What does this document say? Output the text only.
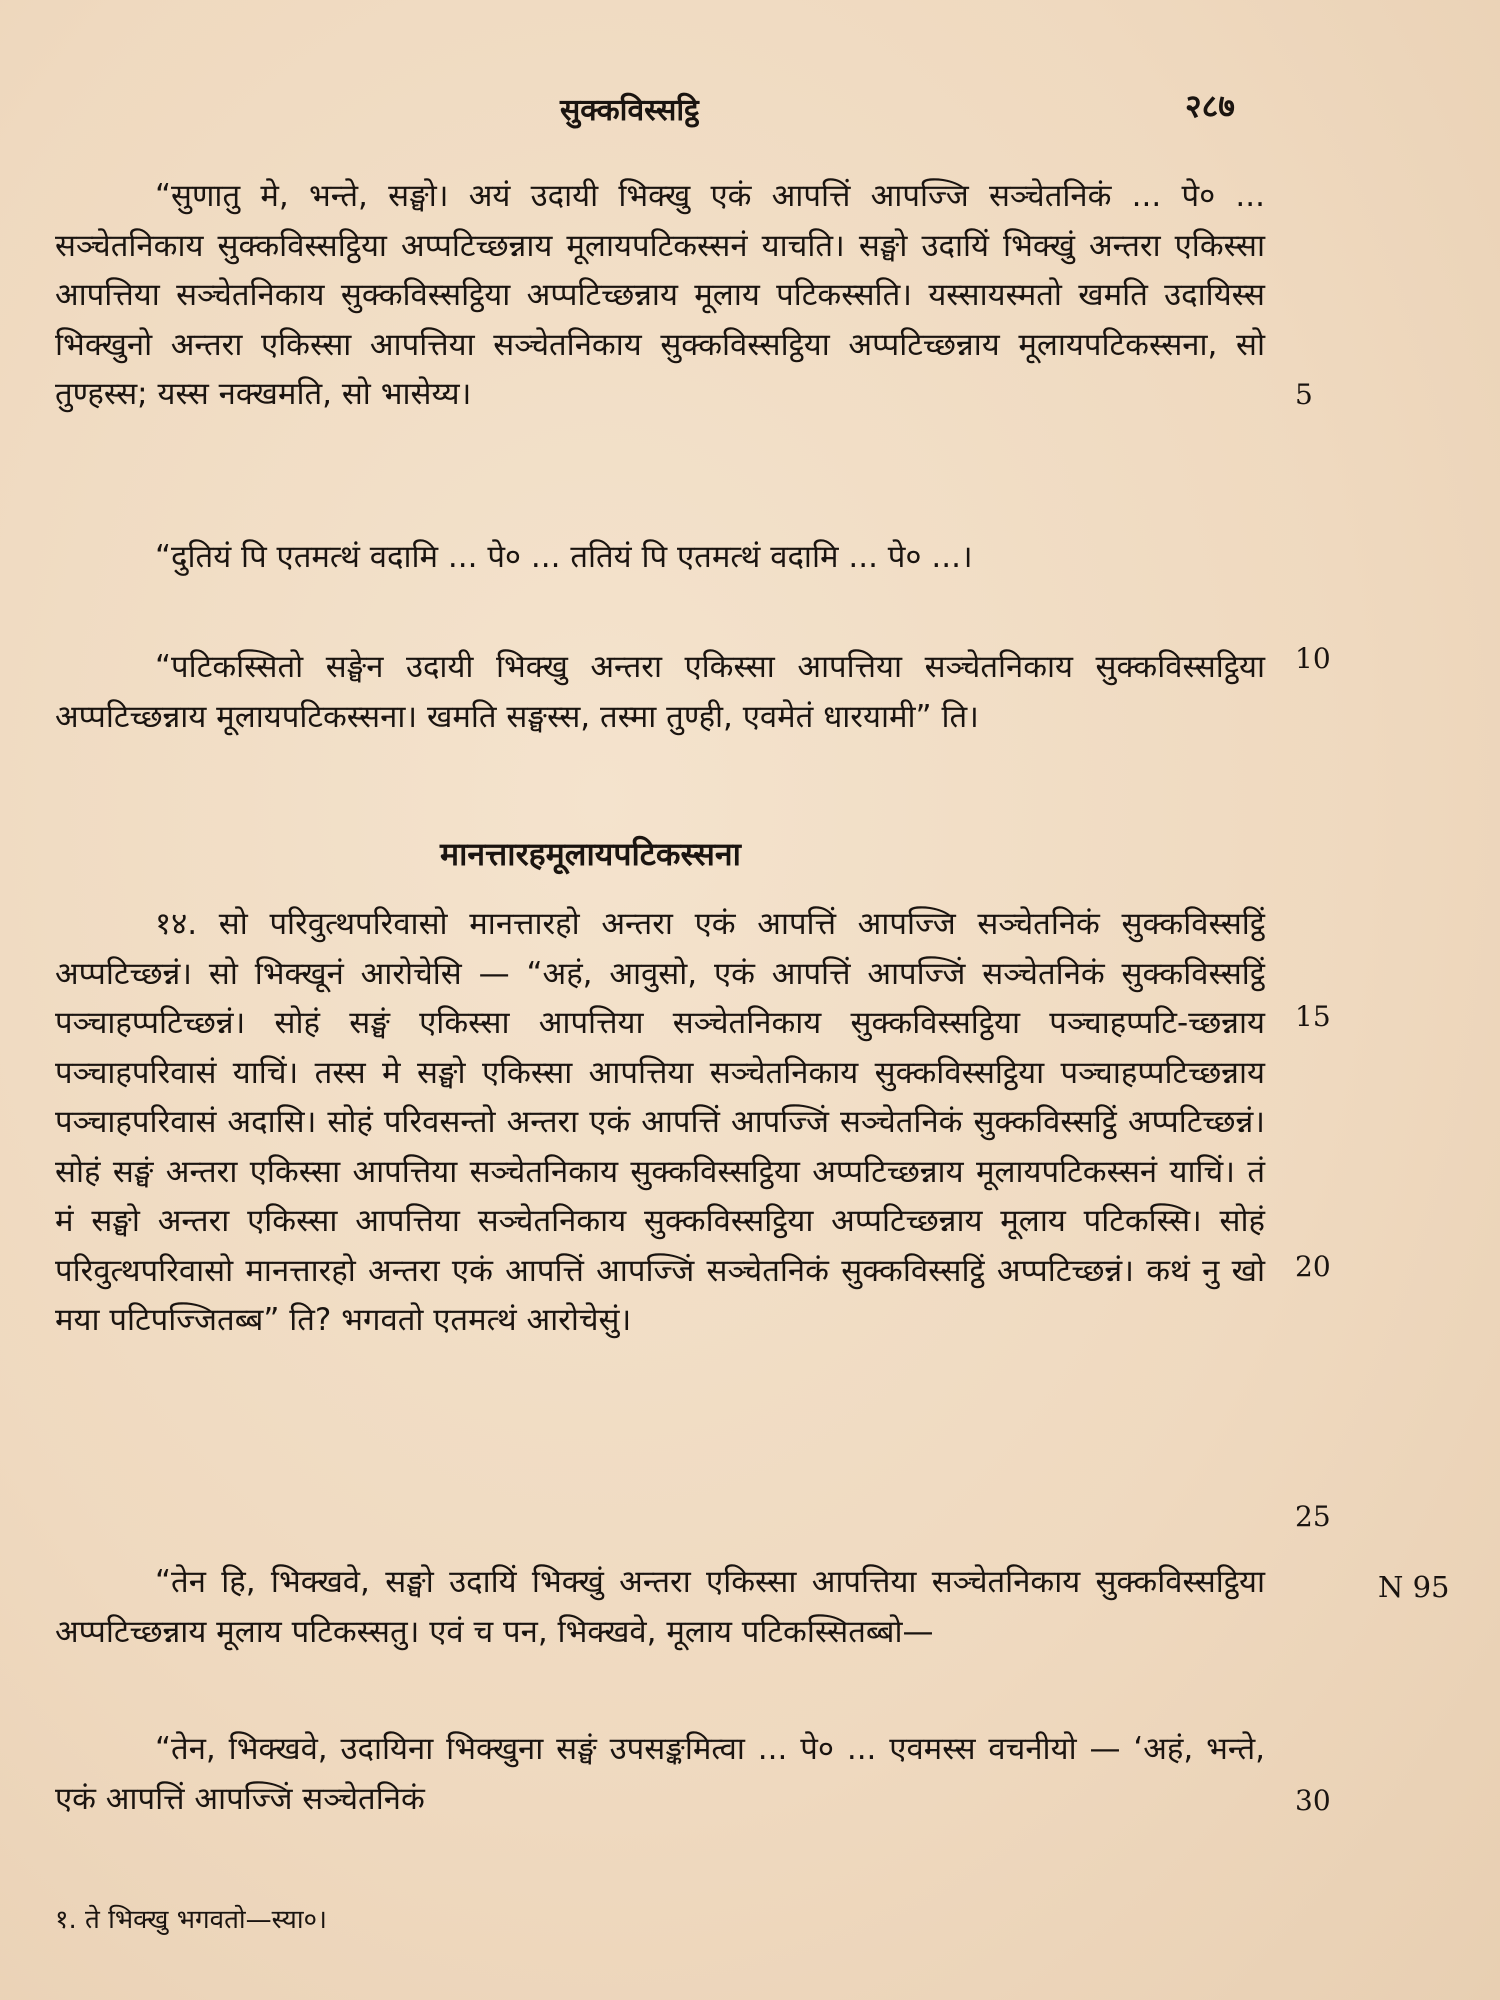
सुक्कविस्सट्ठि	२८७
“सुणातु मे, भन्ते, सङ्घो। अयं उदायी भिक्खु एकं आपत्तिं आपज्जि सञ्चेतनिकं ... पे० ... सञ्चेतनिकाय सुक्कविस्सट्ठिया अप्पटिच्छन्नाय मूलायपटिकस्सनं याचति। सङ्घो उदायिं भिक्खुं अन्तरा एकिस्सा आपत्तिया सञ्चेतनिकाय सुक्कविस्सट्ठिया अप्पटिच्छन्नाय मूलाय पटिकस्सति। यस्सायस्मतो खमति उदायिस्स भिक्खुनो अन्तरा एकिस्सा आपत्तिया सञ्चेतनिकाय सुक्कविस्सट्ठिया अप्पटिच्छन्नाय मूलायपटिकस्सना, सो तुण्हस्स; यस्स नक्खमति, सो भासेय्य।
“दुतियं पि एतमत्थं वदामि ... पे० ... ततियं पि एतमत्थं वदामि ... पे० ...।
“पटिकस्सितो सङ्घेन उदायी भिक्खु अन्तरा एकिस्सा आपत्तिया सञ्चेतनिकाय सुक्कविस्सट्ठिया अप्पटिच्छन्नाय मूलायपटिकस्सना। खमति सङ्घस्स, तस्मा तुण्ही, एवमेतं धारयामी” ति।
मानत्तारहमूलायपटिकस्सना
१४. सो परिवुत्थपरिवासो मानत्तारहो अन्तरा एकं आपत्तिं आपज्जि सञ्चेतनिकं सुक्कविस्सट्ठिं अप्पटिच्छन्नं। सो भिक्खूनं आरोचेसि — “अहं, आवुसो, एकं आपत्तिं आपज्जिं सञ्चेतनिकं सुक्कविस्सट्ठिं पञ्चाहप्पटिच्छन्नं। सोहं सङ्घं एकिस्सा आपत्तिया सञ्चेतनिकाय सुक्कविस्सट्ठिया पञ्चाहप्पटि-च्छन्नाय पञ्चाहपरिवासं याचिं। तस्स मे सङ्घो एकिस्सा आपत्तिया सञ्चेतनिकाय सुक्कविस्सट्ठिया पञ्चाहप्पटिच्छन्नाय पञ्चाहपरिवासं अदासि। सोहं परिवसन्तो अन्तरा एकं आपत्तिं आपज्जिं सञ्चेतनिकं सुक्कविस्सट्ठिं अप्पटिच्छन्नं। सोहं सङ्घं अन्तरा एकिस्सा आपत्तिया सञ्चेतनिकाय सुक्कविस्सट्ठिया अप्पटिच्छन्नाय मूलायपटिकस्सनं याचिं। तं मं सङ्घो अन्तरा एकिस्सा आपत्तिया सञ्चेतनिकाय सुक्कविस्सट्ठिया अप्पटिच्छन्नाय मूलाय पटिकस्सि। सोहं परिवुत्थपरिवासो मानत्तारहो अन्तरा एकं आपत्तिं आपज्जिं सञ्चेतनिकं सुक्कविस्सट्ठिं अप्पटिच्छन्नं। कथं नु खो मया पटिपज्जितब्ब” ति? भगवतो एतमत्थं आरोचेसुं।
“तेन हि, भिक्खवे, सङ्घो उदायिं भिक्खुं अन्तरा एकिस्सा आपत्तिया सञ्चेतनिकाय सुक्कविस्सट्ठिया अप्पटिच्छन्नाय मूलाय पटिकस्सतु। एवं च पन, भिक्खवे, मूलाय पटिकस्सितब्बो—
“तेन, भिक्खवे, उदायिना भिक्खुना सङ्घं उपसङ्कमित्वा ... पे० ... एवमस्स वचनीयो — ‘अहं, भन्ते, एकं आपत्तिं आपज्जिं सञ्चेतनिकं
5
10
15
20
25
30
N 95
१. ते भिक्खु भगवतो—स्या०।
